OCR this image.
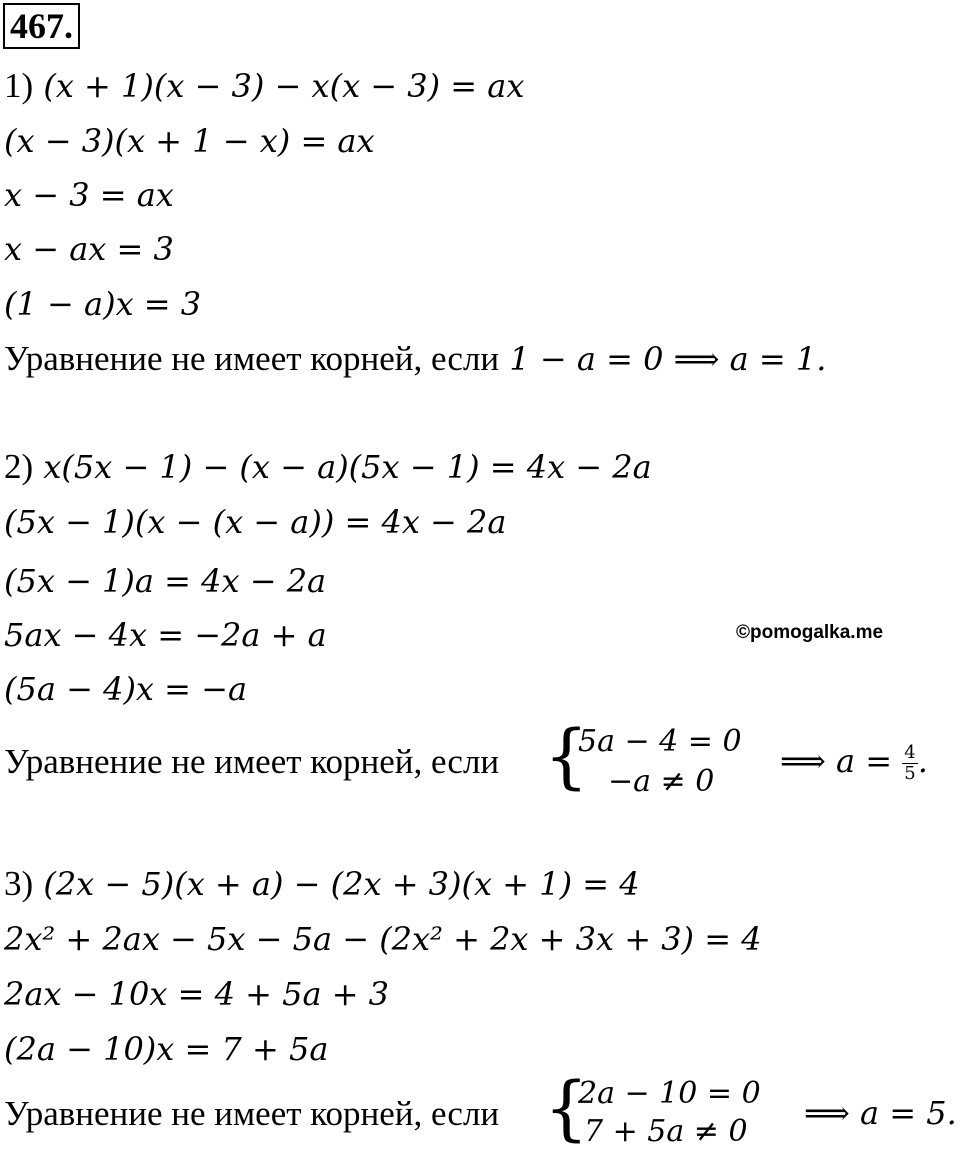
467.
1) (x + 1)(x − 3) − x(x − 3) = ax
(x − 3)(x + 1 − x) = ax
x − 3 = ax
x − ax = 3
(1 − a)x = 3
Уравнение не имеет корней, если 1 − a = 0 ⟹ a = 1.
2) x(5x − 1) − (x − a)(5x − 1) = 4x − 2a
(5x − 1)(x − (x − a)) = 4x − 2a
(5x − 1)a = 4x − 2a
5ax − 4x = −2a + a
(5a − 4)x = −a
©pomogalka.me
Уравнение не имеет корней, если {
5a − 4 = 0
−a ≠ 0
⟹ $a = \frac{4}{5}$ .
3) (2x − 5)(x + a) − (2x + 3)(x + 1) = 4
2x² + 2ax − 5x − 5a − (2x² + 2x + 3x + 3) = 4
2ax − 10x = 4 + 5a + 3
(2a − 10)x = 7 + 5a
Уравнение не имеет корней, если {
2a − 10 = 0
7 + 5a ≠ 0 ⟹ a = 5.
